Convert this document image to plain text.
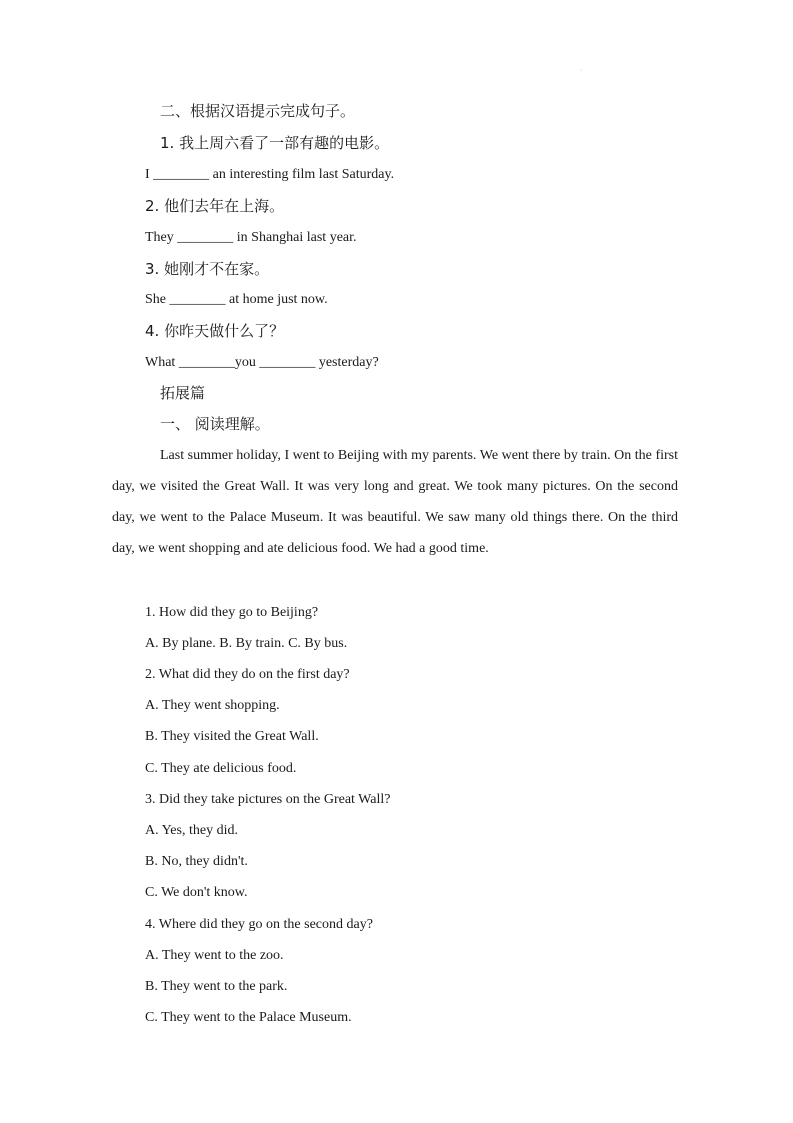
·
二、根据汉语提示完成句子。
1. 我上周六看了一部有趣的电影。
I ________ an interesting film last Saturday.
2. 他们去年在上海。
They ________ in Shanghai last year.
3. 她刚才不在家。
She ________ at home just now.
4. 你昨天做什么了？
What ________you ________ yesterday?
拓展篇
一、 阅读理解。
Last summer holiday, I went to Beijing with my parents. We went there by train. On the first day, we visited the Great Wall. It was very long and great. We took many pictures. On the second day, we went to the Palace Museum. It was beautiful. We saw many old things there. On the third day, we went shopping and ate delicious food. We had a good time.
1. How did they go to Beijing?
A. By plane. B. By train. C. By bus.
2. What did they do on the first day?
A. They went shopping.
B. They visited the Great Wall.
C. They ate delicious food.
3. Did they take pictures on the Great Wall?
A. Yes, they did.
B. No, they didn't.
C. We don't know.
4. Where did they go on the second day?
A. They went to the zoo.
B. They went to the park.
C. They went to the Palace Museum.
